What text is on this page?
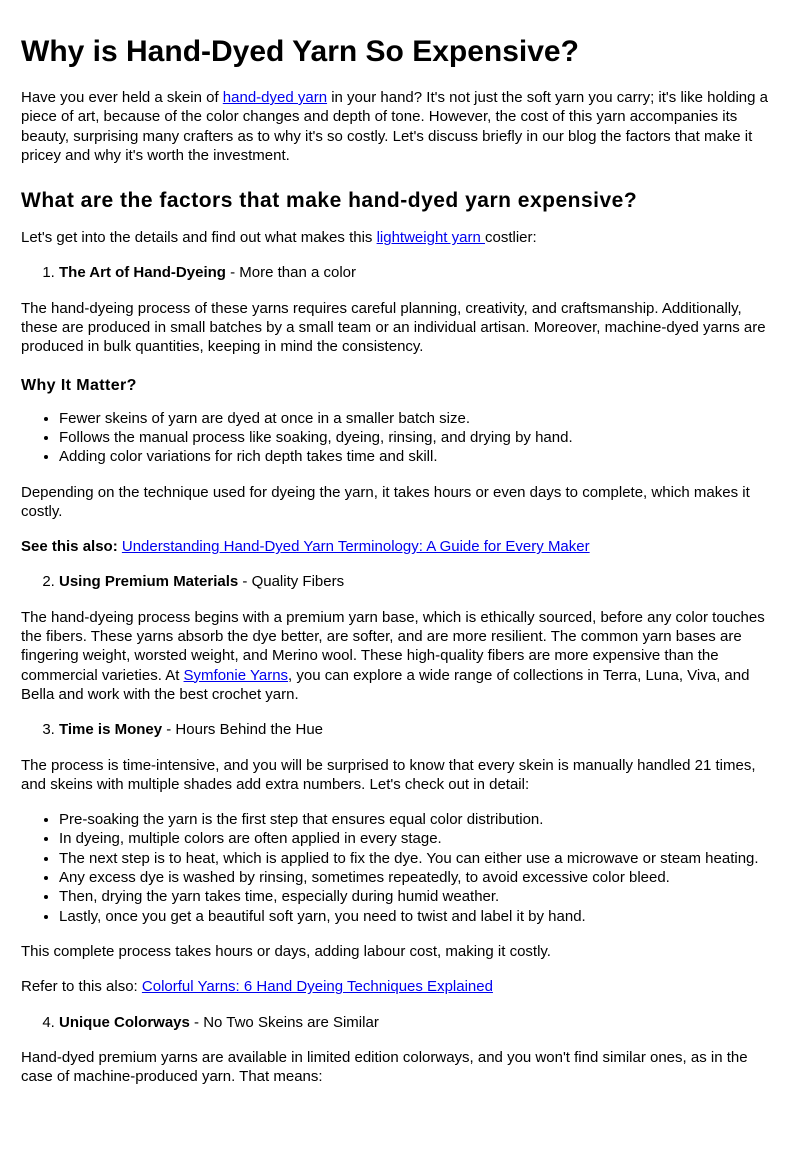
Why is Hand-Dyed Yarn So Expensive?

Have you ever held a skein of hand-dyed yarn in your hand? It's not just the soft yarn you carry; it's like holding a piece of art, because of the color changes and depth of tone. However, the cost of this yarn accompanies its beauty, surprising many crafters as to why it's so costly. Let's discuss briefly in our blog the factors that make it pricey and why it's worth the investment.

What are the factors that make hand-dyed yarn expensive?

Let's get into the details and find out what makes this lightweight yarn costlier:

1. The Art of Hand-Dyeing - More than a color

The hand-dyeing process of these yarns requires careful planning, creativity, and craftsmanship. Additionally, these are produced in small batches by a small team or an individual artisan. Moreover, machine-dyed yarns are produced in bulk quantities, keeping in mind the consistency.

Why It Matter?
• Fewer skeins of yarn are dyed at once in a smaller batch size.
• Follows the manual process like soaking, dyeing, rinsing, and drying by hand.
• Adding color variations for rich depth takes time and skill.

Depending on the technique used for dyeing the yarn, it takes hours or even days to complete, which makes it costly.

See this also: Understanding Hand-Dyed Yarn Terminology: A Guide for Every Maker

2. Using Premium Materials - Quality Fibers

The hand-dyeing process begins with a premium yarn base, which is ethically sourced, before any color touches the fibers. These yarns absorb the dye better, are softer, and are more resilient. The common yarn bases are fingering weight, worsted weight, and Merino wool. These high-quality fibers are more expensive than the commercial varieties. At Symfonie Yarns, you can explore a wide range of collections in Terra, Luna, Viva, and Bella and work with the best crochet yarn.

3. Time is Money - Hours Behind the Hue

The process is time-intensive, and you will be surprised to know that every skein is manually handled 21 times, and skeins with multiple shades add extra numbers. Let's check out in detail:

• Pre-soaking the yarn is the first step that ensures equal color distribution.
• In dyeing, multiple colors are often applied in every stage.
• The next step is to heat, which is applied to fix the dye. You can either use a microwave or steam heating.
• Any excess dye is washed by rinsing, sometimes repeatedly, to avoid excessive color bleed.
• Then, drying the yarn takes time, especially during humid weather.
• Lastly, once you get a beautiful soft yarn, you need to twist and label it by hand.

This complete process takes hours or days, adding labour cost, making it costly.

Refer to this also: Colorful Yarns: 6 Hand Dyeing Techniques Explained

4. Unique Colorways - No Two Skeins are Similar

Hand-dyed premium yarns are available in limited edition colorways, and you won't find similar ones, as in the case of machine-produced yarn. That means:
